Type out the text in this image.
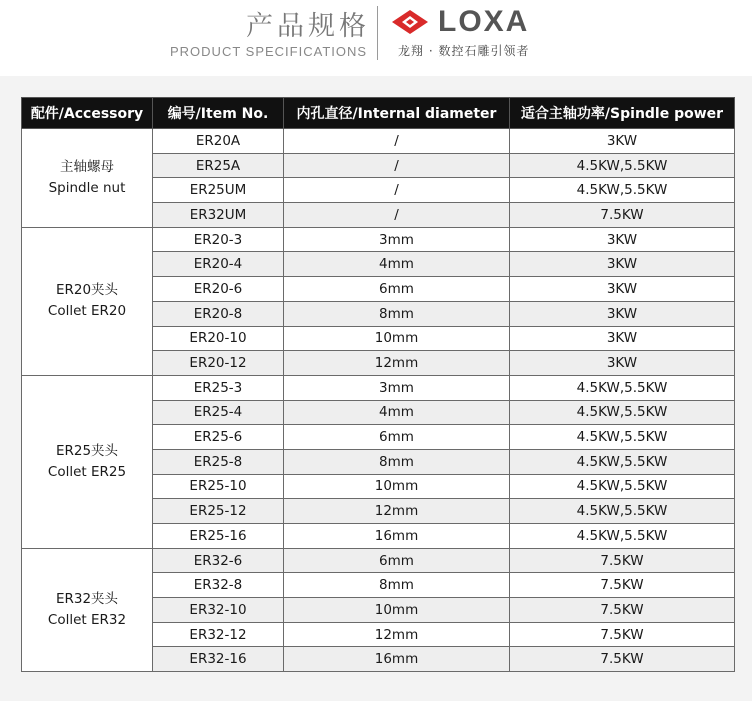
产品规格
PRODUCT SPECIFICATIONS
LOXA
龙翔 · 数控石雕引领者
配件/Accessory	编号/Item No.	内孔直径/Internal diameter	适合主轴功率/Spindle power

主轴螺母
Spindle nut	ER20A	/	3KW
	ER25A	/	4.5KW,5.5KW
	ER25UM	/	4.5KW,5.5KW
	ER32UM	/	7.5KW

ER20夹头
Collet ER20	ER20-3	3mm	3KW
	ER20-4	4mm	3KW
	ER20-6	6mm	3KW
	ER20-8	8mm	3KW
	ER20-10	10mm	3KW
	ER20-12	12mm	3KW

ER25夹头
Collet ER25	ER25-3	3mm	4.5KW,5.5KW
	ER25-4	4mm	4.5KW,5.5KW
	ER25-6	6mm	4.5KW,5.5KW
	ER25-8	8mm	4.5KW,5.5KW
	ER25-10	10mm	4.5KW,5.5KW
	ER25-12	12mm	4.5KW,5.5KW
	ER25-16	16mm	4.5KW,5.5KW

ER32夹头
Collet ER32	ER32-6	6mm	7.5KW
	ER32-8	8mm	7.5KW
	ER32-10	10mm	7.5KW
	ER32-12	12mm	7.5KW
	ER32-16	16mm	7.5KW
